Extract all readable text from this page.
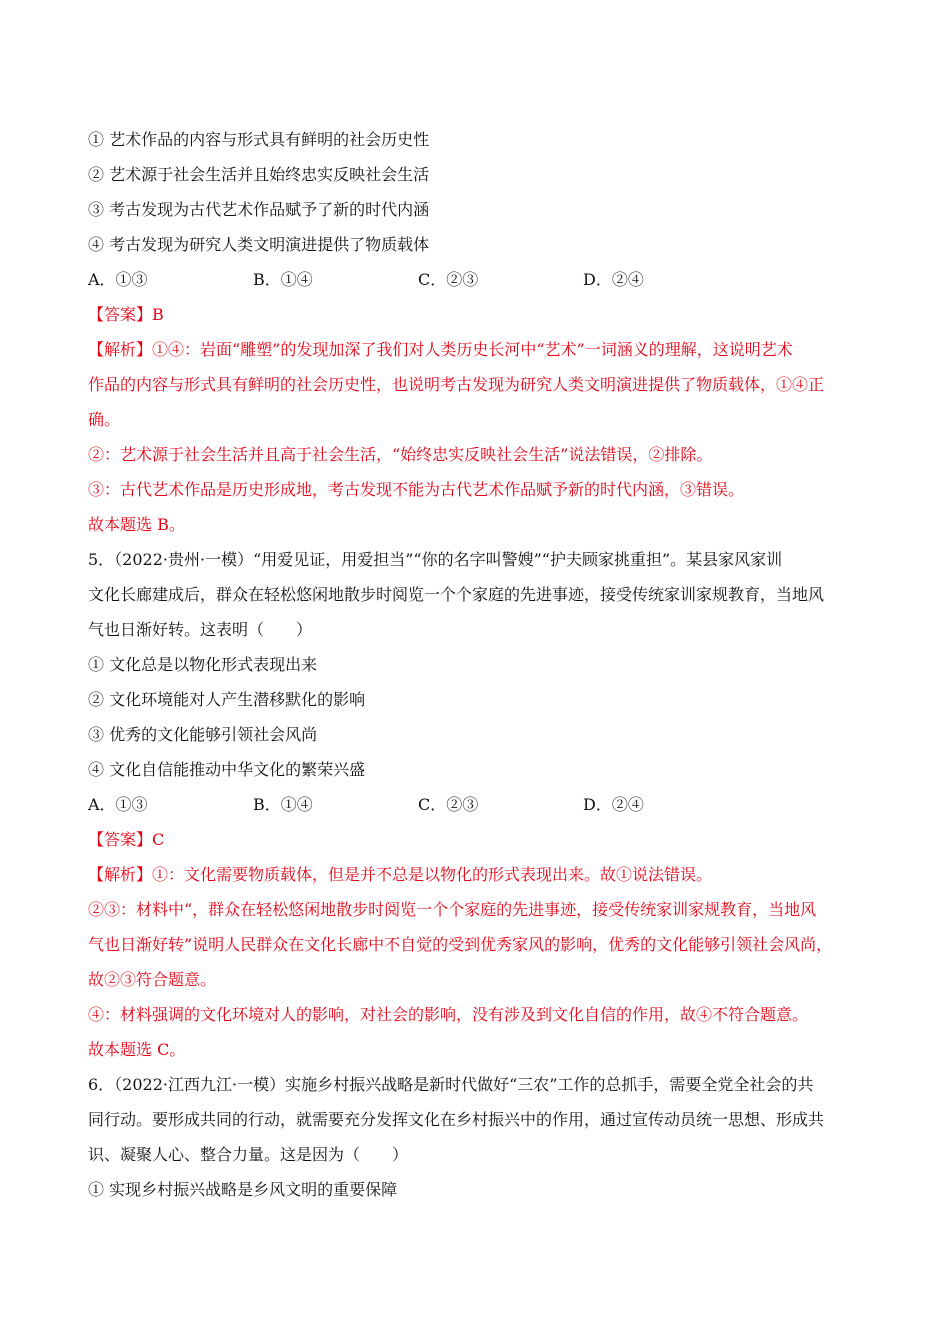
① 艺术作品的内容与形式具有鲜明的社会历史性
② 艺术源于社会生活并且始终忠实反映社会生活
③ 考古发现为古代艺术作品赋予了新的时代内涵
④ 考古发现为研究人类文明演进提供了物质载体
A．①③	B．①④	C．②③	D．②④
【答案】B
【解析】①④：岩面“雕塑”的发现加深了我们对人类历史长河中“艺术”一词涵义的理解，这说明艺术
作品的内容与形式具有鲜明的社会历史性，也说明考古发现为研究人类文明演进提供了物质载体，①④正
确。
②：艺术源于社会生活并且高于社会生活，“始终忠实反映社会生活”说法错误，②排除。
③：古代艺术作品是历史形成地，考古发现不能为古代艺术作品赋予新的时代内涵，③错误。
故本题选 B。
5．（2022·贵州·一模）“用爱见证，用爱担当”“你的名字叫警嫂”“护夫顾家挑重担”。某县家风家训
文化长廊建成后，群众在轻松悠闲地散步时阅览一个个家庭的先进事迹，接受传统家训家规教育，当地风
气也日渐好转。这表明（　　）
① 文化总是以物化形式表现出来
② 文化环境能对人产生潜移默化的影响
③ 优秀的文化能够引领社会风尚
④ 文化自信能推动中华文化的繁荣兴盛
A．①③	B．①④	C．②③	D．②④
【答案】C
【解析】①：文化需要物质载体，但是并不总是以物化的形式表现出来。故①说法错误。
②③：材料中“，群众在轻松悠闲地散步时阅览一个个家庭的先进事迹，接受传统家训家规教育，当地风
气也日渐好转”说明人民群众在文化长廊中不自觉的受到优秀家风的影响，优秀的文化能够引领社会风尚，
故②③符合题意。
④：材料强调的文化环境对人的影响，对社会的影响，没有涉及到文化自信的作用，故④不符合题意。
故本题选 C。
6．（2022·江西九江·一模）实施乡村振兴战略是新时代做好“三农”工作的总抓手，需要全党全社会的共
同行动。要形成共同的行动，就需要充分发挥文化在乡村振兴中的作用，通过宣传动员统一思想、形成共
识、凝聚人心、整合力量。这是因为（　　）
① 实现乡村振兴战略是乡风文明的重要保障
